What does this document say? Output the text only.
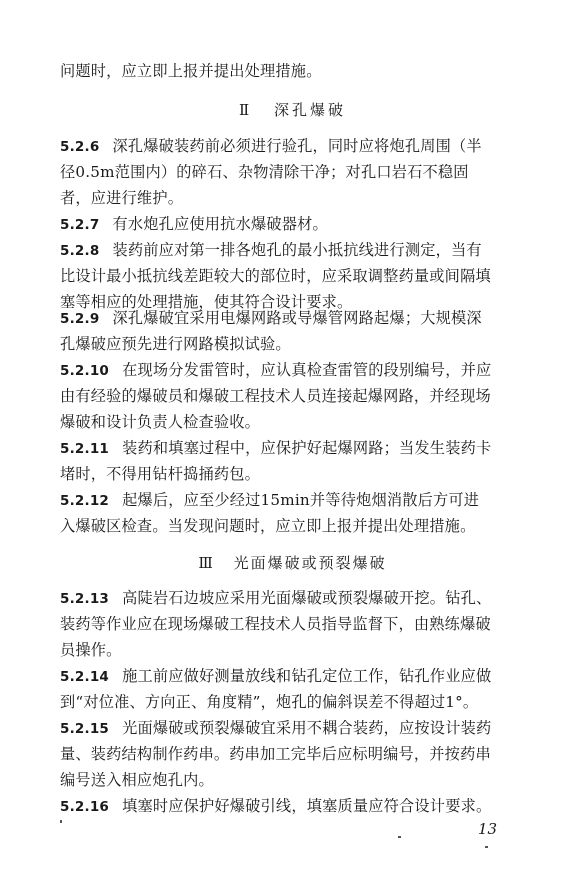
问题时，应立即上报并提出处理措施。
Ⅱ 深孔爆破
5.2.6 深孔爆破装药前必须进行验孔，同时应将炮孔周围（半
径0.5m范围内）的碎石、杂物清除干净；对孔口岩石不稳固
者，应进行维护。
5.2.7 有水炮孔应使用抗水爆破器材。
5.2.8 装药前应对第一排各炮孔的最小抵抗线进行测定，当有
比设计最小抵抗线差距较大的部位时，应采取调整药量或间隔填
塞等相应的处理措施，使其符合设计要求。
5.2.9 深孔爆破宜采用电爆网路或导爆管网路起爆；大规模深
孔爆破应预先进行网路模拟试验。
5.2.10 在现场分发雷管时，应认真检查雷管的段别编号，并应
由有经验的爆破员和爆破工程技术人员连接起爆网路，并经现场
爆破和设计负责人检查验收。
5.2.11 装药和填塞过程中，应保护好起爆网路；当发生装药卡
堵时，不得用钻杆捣捅药包。
5.2.12 起爆后，应至少经过15min并等待炮烟消散后方可进
入爆破区检查。当发现问题时，应立即上报并提出处理措施。
Ⅲ 光面爆破或预裂爆破
5.2.13 高陡岩石边坡应采用光面爆破或预裂爆破开挖。钻孔、
装药等作业应在现场爆破工程技术人员指导监督下，由熟练爆破
员操作。
5.2.14 施工前应做好测量放线和钻孔定位工作，钻孔作业应做
到“对位准、方向正、角度精”，炮孔的偏斜误差不得超过1°。
5.2.15 光面爆破或预裂爆破宜采用不耦合装药，应按设计装药
量、装药结构制作药串。药串加工完毕后应标明编号，并按药串
编号送入相应炮孔内。
5.2.16 填塞时应保护好爆破引线，填塞质量应符合设计要求。
13
